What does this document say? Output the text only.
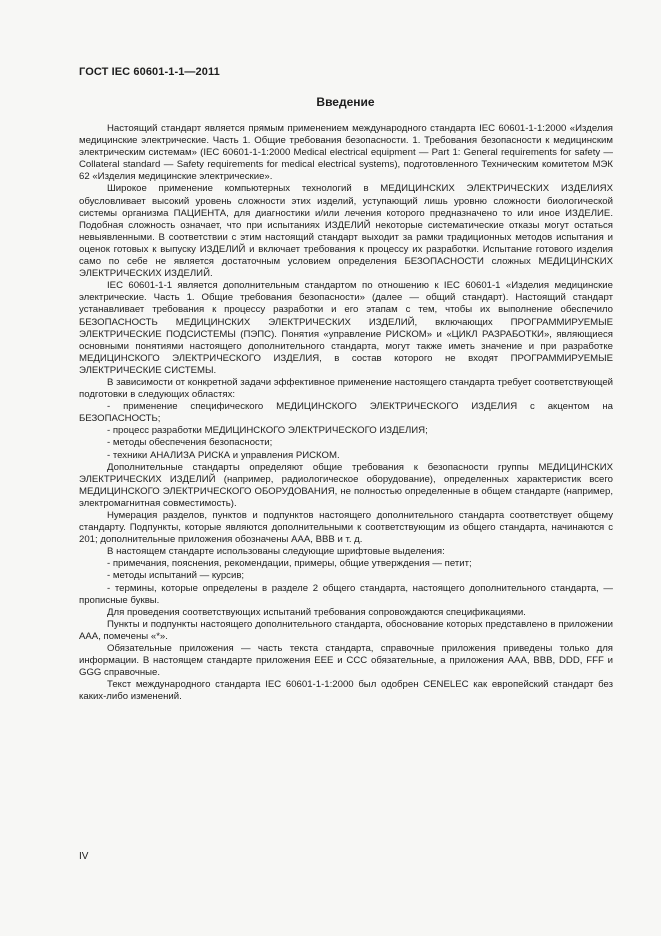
ГОСТ IEC 60601-1-1—2011
Введение

Настоящий стандарт является прямым применением международного стандарта IEC 60601-1-1:2000 «Изделия медицинские электрические. Часть 1. Общие требования безопасности. 1. Требования безопасности к медицинским электрическим системам» (IEC 60601-1-1:2000 Medical electrical equipment — Part 1: General requirements for safety — Collateral standard — Safety requirements for medical electrical systems), подготовленного Техническим комитетом МЭК 62 «Изделия медицинские электрические».

Широкое применение компьютерных технологий в МЕДИЦИНСКИХ ЭЛЕКТРИЧЕСКИХ ИЗДЕЛИЯХ обусловливает высокий уровень сложности этих изделий, уступающий лишь уровню сложности биологической системы организма ПАЦИЕНТА, для диагностики и/или лечения которого предназначено то или иное ИЗДЕЛИЕ. Подобная сложность означает, что при испытаниях ИЗДЕЛИЙ некоторые систематические отказы могут остаться невыявленными. В соответствии с этим настоящий стандарт выходит за рамки традиционных методов испытания и оценок готовых к выпуску ИЗДЕЛИЙ и включает требования к процессу их разработки. Испытание готового изделия само по себе не является достаточным условием определения БЕЗОПАСНОСТИ сложных МЕДИЦИНСКИХ ЭЛЕКТРИЧЕСКИХ ИЗДЕЛИЙ.

IEC 60601-1-1 является дополнительным стандартом по отношению к IEC 60601-1 «Изделия медицинские электрические. Часть 1. Общие требования безопасности» (далее — общий стандарт). Настоящий стандарт устанавливает требования к процессу разработки и его этапам с тем, чтобы их выполнение обеспечило БЕЗОПАСНОСТЬ МЕДИЦИНСКИХ ЭЛЕКТРИЧЕСКИХ ИЗДЕЛИЙ, включающих ПРОГРАММИРУЕМЫЕ ЭЛЕКТРИЧЕСКИЕ ПОДСИСТЕМЫ (ПЭПС). Понятия «управление РИСКОМ» и «ЦИКЛ РАЗРАБОТКИ», являющиеся основными понятиями настоящего дополнительного стандарта, могут также иметь значение и при разработке МЕДИЦИНСКОГО ЭЛЕКТРИЧЕСКОГО ИЗДЕЛИЯ, в состав которого не входят ПРОГРАММИРУЕМЫЕ ЭЛЕКТРИЧЕСКИЕ СИСТЕМЫ.

В зависимости от конкретной задачи эффективное применение настоящего стандарта требует соответствующей подготовки в следующих областях:

- применение специфического МЕДИЦИНСКОГО ЭЛЕКТРИЧЕСКОГО ИЗДЕЛИЯ с акцентом на БЕЗОПАСНОСТЬ;

- процесс разработки МЕДИЦИНСКОГО ЭЛЕКТРИЧЕСКОГО ИЗДЕЛИЯ;

- методы обеспечения безопасности;

- техники АНАЛИЗА РИСКА и управления РИСКОМ.

Дополнительные стандарты определяют общие требования к безопасности группы МЕДИЦИНСКИХ ЭЛЕКТРИЧЕСКИХ ИЗДЕЛИЙ (например, радиологическое оборудование), определенных характеристик всего МЕДИЦИНСКОГО ЭЛЕКТРИЧЕСКОГО ОБОРУДОВАНИЯ, не полностью определенные в общем стандарте (например, электромагнитная совместимость).

Нумерация разделов, пунктов и подпунктов настоящего дополнительного стандарта соответствует общему стандарту. Подпункты, которые являются дополнительными к соответствующим из общего стандарта, начинаются с 201; дополнительные приложения обозначены AAA, BBB и т. д.

В настоящем стандарте использованы следующие шрифтовые выделения:

- примечания, пояснения, рекомендации, примеры, общие утверждения — петит;

- методы испытаний — курсив;

- термины, которые определены в разделе 2 общего стандарта, настоящего дополнительного стандарта, — прописные буквы.

Для проведения соответствующих испытаний требования сопровождаются спецификациями.

Пункты и подпункты настоящего дополнительного стандарта, обоснование которых представлено в приложении AAA, помечены «*».

Обязательные приложения — часть текста стандарта, справочные приложения приведены только для информации. В настоящем стандарте приложения EEE и CCC обязательные, а приложения AAA, BBB, DDD, FFF и GGG справочные.

Текст международного стандарта IEC 60601-1-1:2000 был одобрен CENELEC как европейский стандарт без каких-либо изменений.

IV
